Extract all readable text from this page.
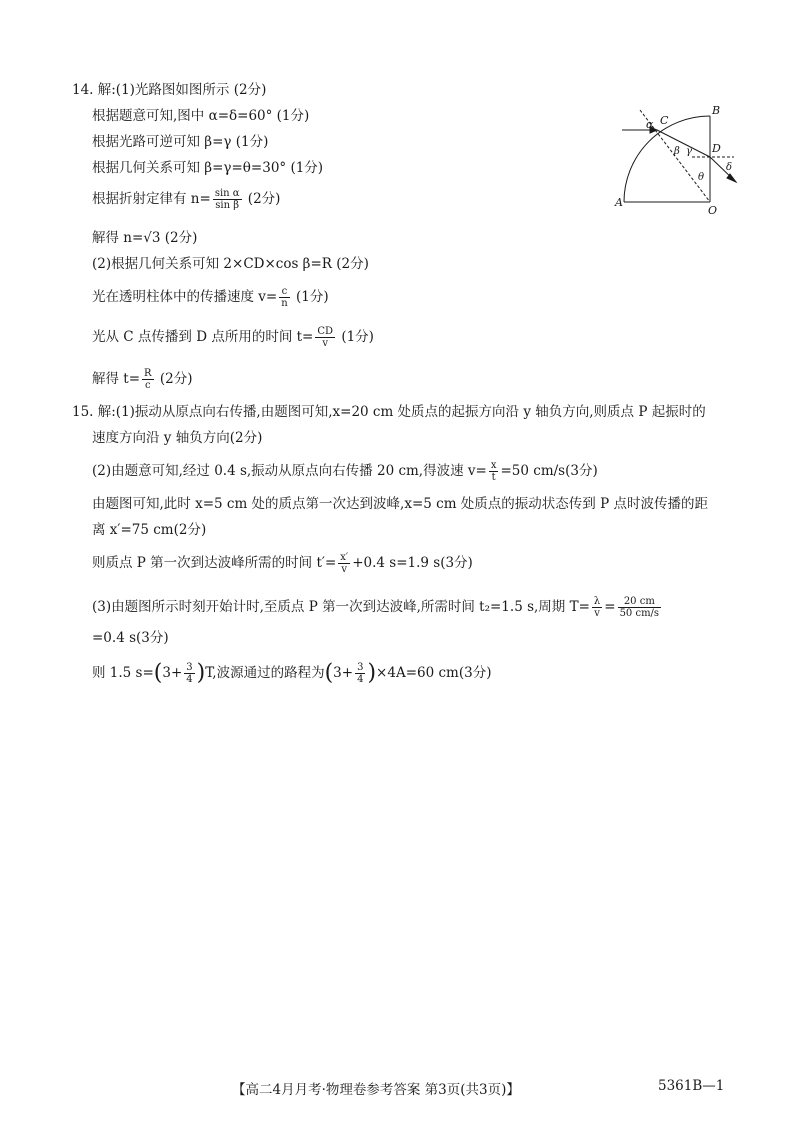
14. 解:(1)光路图如图所示 (2分)
根据题意可知,图中 α=δ=60° (1分)
根据光路可逆可知 β=γ (1分)
根据几何关系可知 β=γ=θ=30° (1分)
根据折射定律有 $n= \frac{\text{sin α}}{\text{sin β}} (2$分)
解得 n=√3 (2分)
(2)根据几何关系可知 2×CD×cos β=R (2分)
光在透明柱体中的传播速度 $v= \frac{c}{n} (1$分)
光从 C 点传播到 D 点所用的时间 $t= \frac{CD}{v} (1$分)
解得 $t= \frac{R}{c} (2$分)
α C
B
β γ D
δ
θ
A
O
15. 解:(1)振动从原点向右传播,由题图可知,x=20 cm 处质点的起振方向沿 y 轴负方向,则质点 P 起振时的
速度方向沿 y 轴负方向(2分)
(2)由题意可知,经过 0.4 s,振动从原点向右传播 20 cm,得波速 $v= \frac{x}{t} =50$ cm/s(3分)
由题图可知,此时 x=5 cm 处的质点第一次达到波峰,x=5 cm 处质点的振动状态传到 P 点时波传播的距
离 x′=75 cm(2分)
则质点 P 第一次到达波峰所需的时间 $t'= \frac{x'}{v} +0.4$ s=1.9 s(3分)
(3)由题图所示时刻开始计时,至质点 P 第一次到达波峰,所需时间 t₂=1.5 s,周期 $T= \frac{\lambda}{v} = \frac{20 cm}{50 cm/s}$
=0.4 s(3分)
则 1.5 $s=(3+ \frac{3}{4} )T$,波源通过的路程为$(3+ \frac{3}{4} )\times 4A=60$ cm(3分)
【高二4月月考·物理卷参考答案 第3页(共3页)】	5361B—1
